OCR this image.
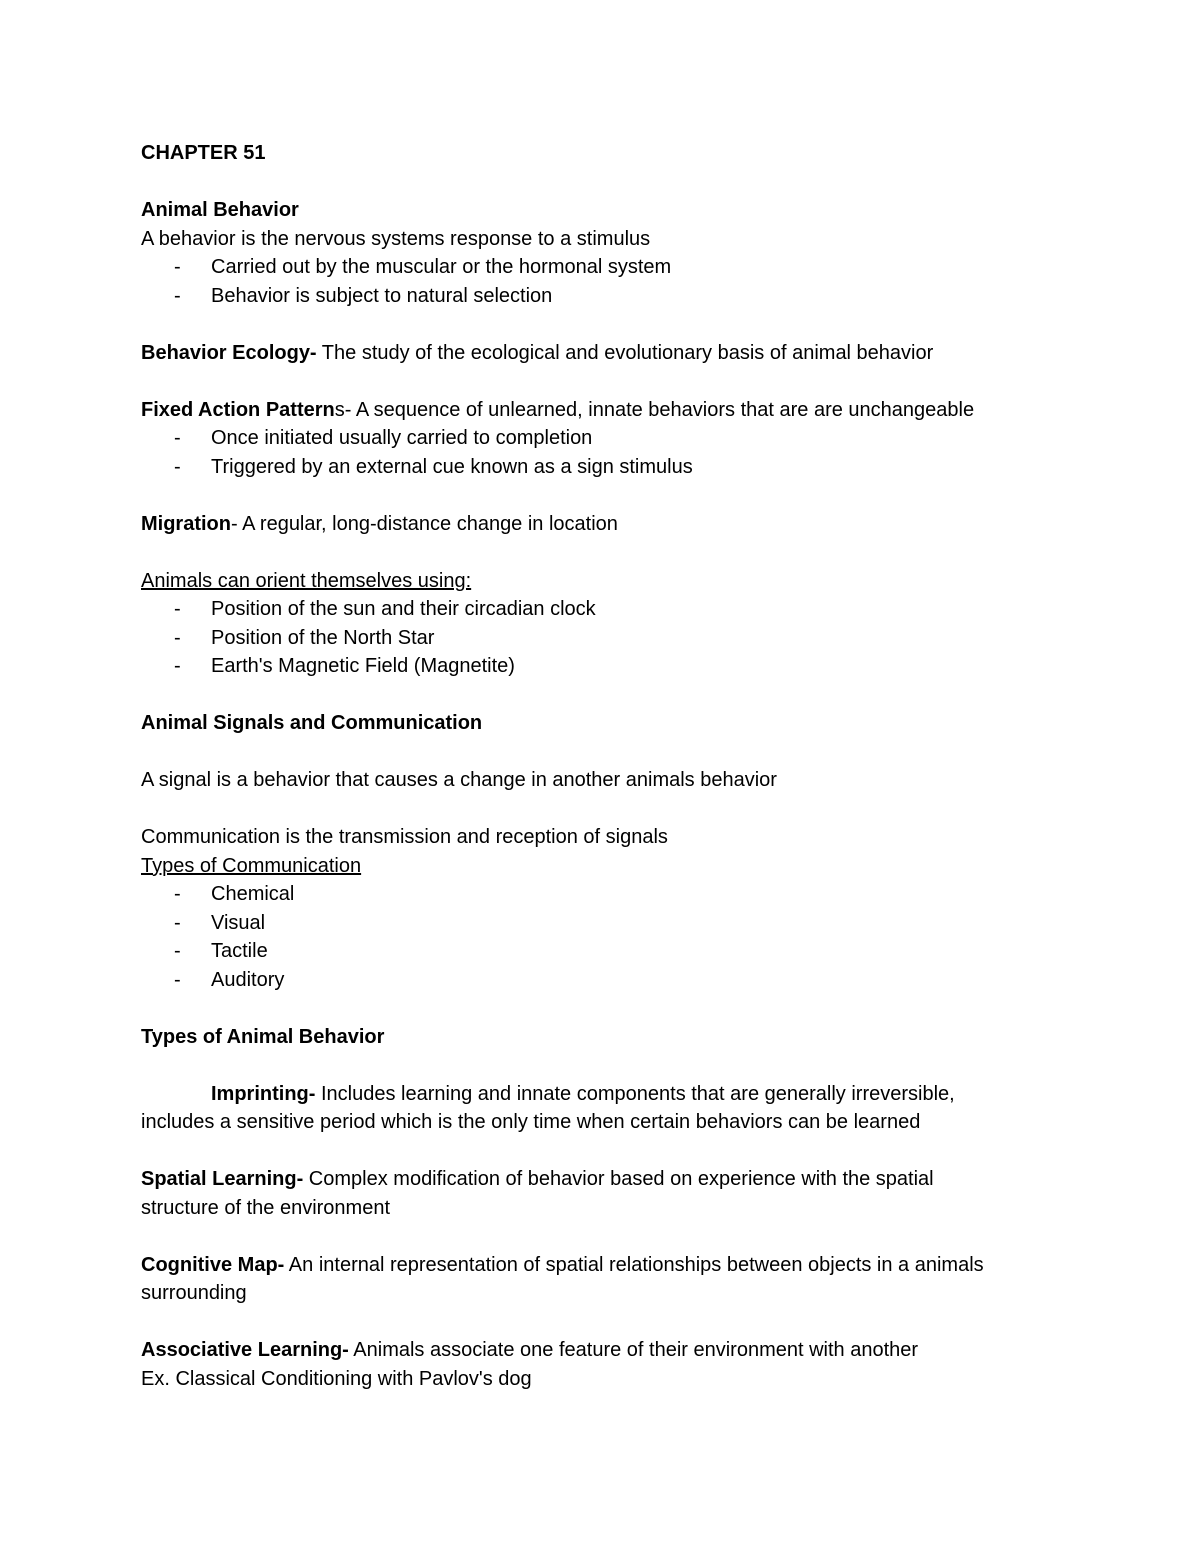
CHAPTER 51
Animal Behavior
A behavior is the nervous systems response to a stimulus
- Carried out by the muscular or the hormonal system
- Behavior is subject to natural selection
Behavior Ecology- The study of the ecological and evolutionary basis of animal behavior
Fixed Action Patterns- A sequence of unlearned, innate behaviors that are are unchangeable
- Once initiated usually carried to completion
- Triggered by an external cue known as a sign stimulus
Migration- A regular, long-distance change in location
Animals can orient themselves using:
- Position of the sun and their circadian clock
- Position of the North Star
- Earth's Magnetic Field (Magnetite)
Animal Signals and Communication
A signal is a behavior that causes a change in another animals behavior
Communication is the transmission and reception of signals
Types of Communication
- Chemical
- Visual
- Tactile
- Auditory
Types of Animal Behavior
Imprinting- Includes learning and innate components that are generally irreversible,
includes a sensitive period which is the only time when certain behaviors can be learned
Spatial Learning- Complex modification of behavior based on experience with the spatial
structure of the environment
Cognitive Map- An internal representation of spatial relationships between objects in a animals
surrounding
Associative Learning- Animals associate one feature of their environment with another
Ex. Classical Conditioning with Pavlov's dog
